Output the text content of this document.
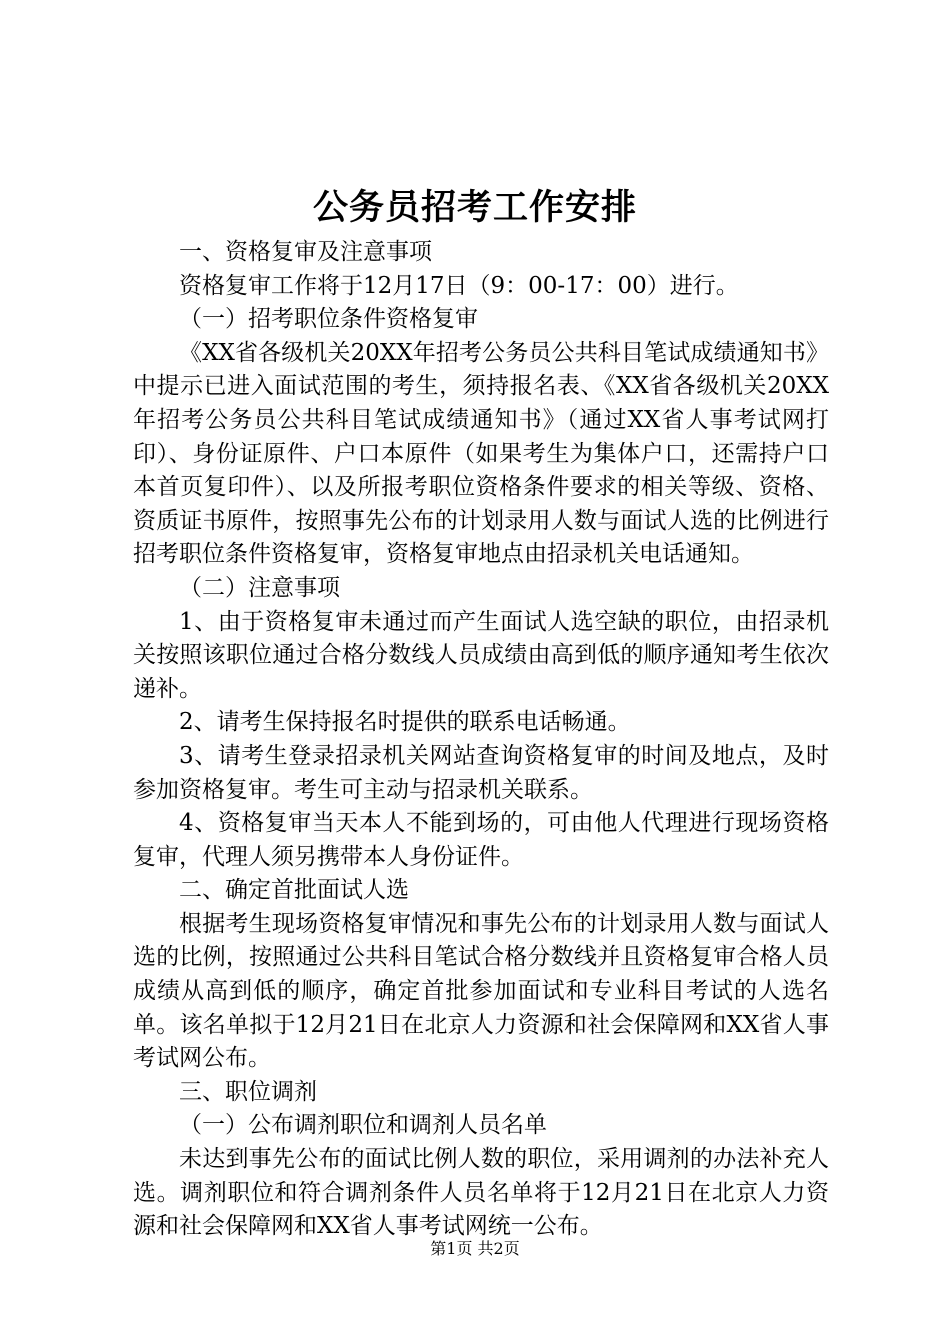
公务员招考工作安排

一、资格复审及注意事项

资格复审工作将于12月17日（9：00-17：00）进行。

（一）招考职位条件资格复审

《XX省各级机关20XX年招考公务员公共科目笔试成绩通知书》中提示已进入面试范围的考生，须持报名表、《XX省各级机关20XX年招考公务员公共科目笔试成绩通知书》（通过XX省人事考试网打印）、身份证原件、户口本原件（如果考生为集体户口，还需持户口本首页复印件）、以及所报考职位资格条件要求的相关等级、资格、资质证书原件，按照事先公布的计划录用人数与面试人选的比例进行招考职位条件资格复审，资格复审地点由招录机关电话通知。

（二）注意事项

1、由于资格复审未通过而产生面试人选空缺的职位，由招录机关按照该职位通过合格分数线人员成绩由高到低的顺序通知考生依次递补。

2、请考生保持报名时提供的联系电话畅通。

3、请考生登录招录机关网站查询资格复审的时间及地点，及时参加资格复审。考生可主动与招录机关联系。

4、资格复审当天本人不能到场的，可由他人代理进行现场资格复审，代理人须另携带本人身份证件。

二、确定首批面试人选

根据考生现场资格复审情况和事先公布的计划录用人数与面试人选的比例，按照通过公共科目笔试合格分数线并且资格复审合格人员成绩从高到低的顺序，确定首批参加面试和专业科目考试的人选名单。该名单拟于12月21日在北京人力资源和社会保障网和XX省人事考试网公布。

三、职位调剂

（一）公布调剂职位和调剂人员名单

未达到事先公布的面试比例人数的职位，采用调剂的办法补充人选。调剂职位和符合调剂条件人员名单将于12月21日在北京人力资源和社会保障网和XX省人事考试网统一公布。

第1页 共2页
